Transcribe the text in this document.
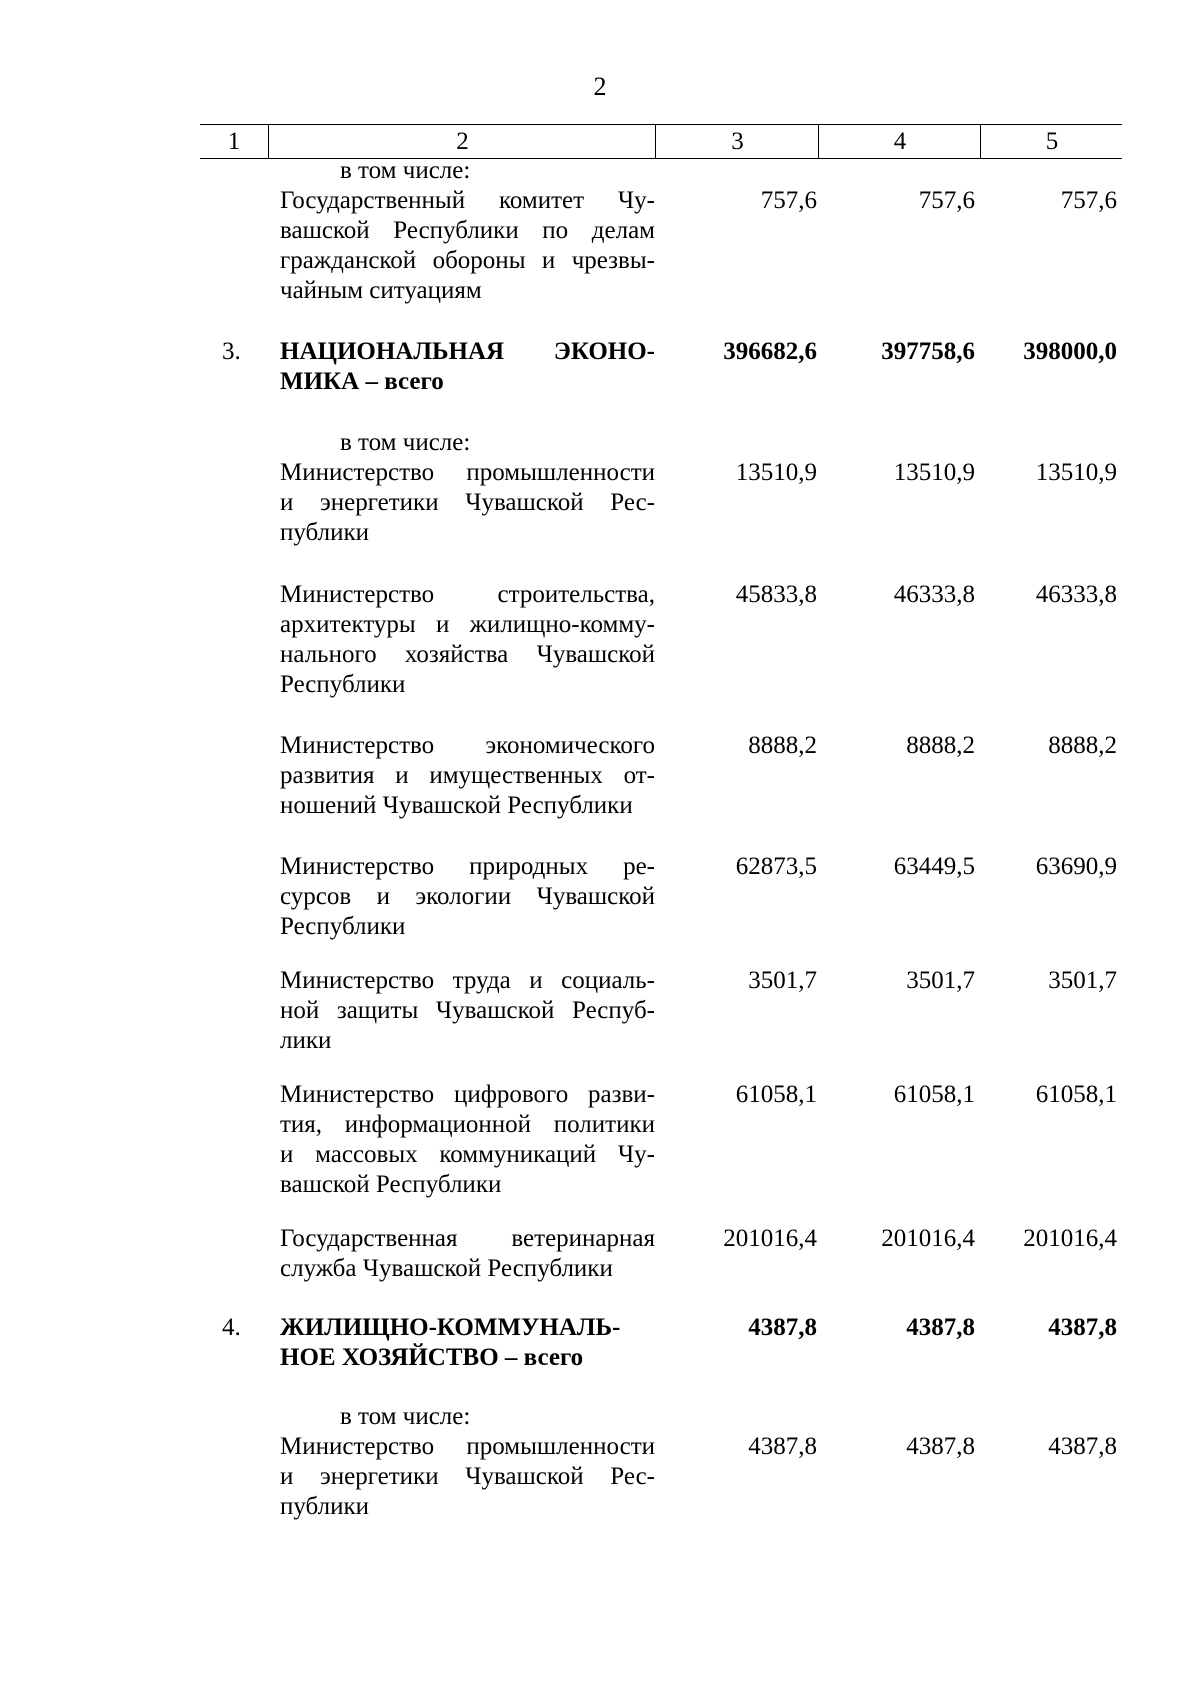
2
1	2	3	4	5
в том числе:
Государственный комитет Чу-
вашской Республики по делам
гражданской обороны и чрезвы-
чайным ситуациям
757,6	757,6	757,6
3.	НАЦИОНАЛЬНАЯ ЭКОНО-
МИКА – всего
396682,6	397758,6	398000,0
в том числе:
Министерство промышленности
и энергетики Чувашской Рес-
публики
13510,9	13510,9	13510,9
Министерство строительства,
архитектуры и жилищно-комму-
нального хозяйства Чувашской
Республики
45833,8	46333,8	46333,8
Министерство экономического
развития и имущественных от-
ношений Чувашской Республики
8888,2	8888,2	8888,2
Министерство природных ре-
сурсов и экологии Чувашской
Республики
62873,5	63449,5	63690,9
Министерство труда и социаль-
ной защиты Чувашской Респуб-
лики
3501,7	3501,7	3501,7
Министерство цифрового разви-
тия, информационной политики
и массовых коммуникаций Чу-
вашской Республики
61058,1	61058,1	61058,1
Государственная ветеринарная
служба Чувашской Республики
201016,4	201016,4	201016,4
4.	ЖИЛИЩНО-КОММУНАЛЬ-
НОЕ ХОЗЯЙСТВО – всего
4387,8	4387,8	4387,8
в том числе:
Министерство промышленности
и энергетики Чувашской Рес-
публики
4387,8	4387,8	4387,8
